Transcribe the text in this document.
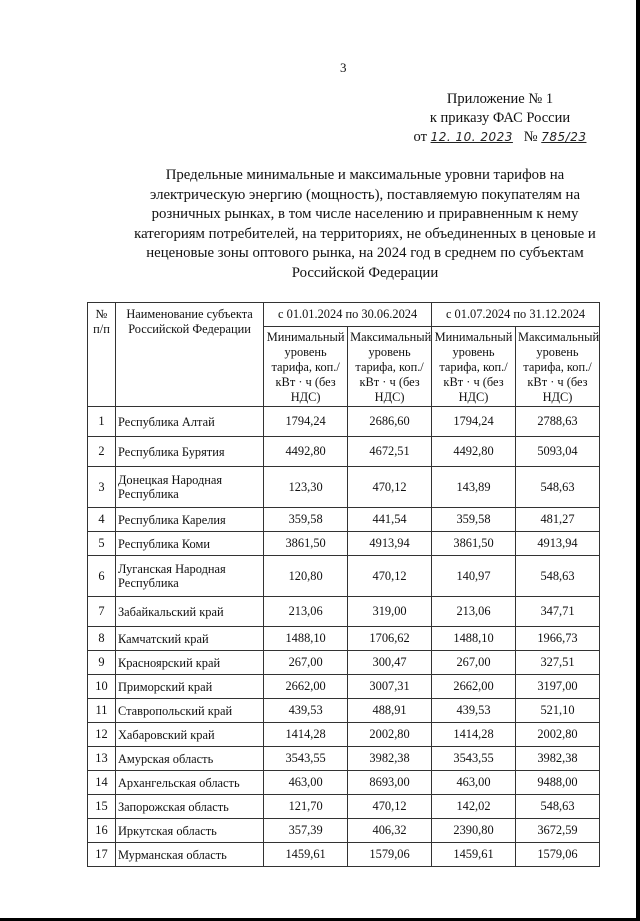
3
Приложение № 1
к приказу ФАС России
от 12. 10. 2023 № 785/23
Предельные минимальные и максимальные уровни тарифов на электрическую энергию (мощность), поставляемую покупателям на розничных рынках, в том числе населению и приравненным к нему категориям потребителей, на территориях, не объединенных в ценовые и неценовые зоны оптового рынка, на 2024 год в среднем по субъектам Российской Федерации
№ п/п	Наименование субъекта Российской Федерации	с 01.01.2024 по 30.06.2024		с 01.07.2024 по 31.12.2024	
		Минимальный уровень тарифа, коп./кВт · ч (без НДС)	Максимальный уровень тарифа, коп./кВт · ч (без НДС)	Минимальный уровень тарифа, коп./кВт · ч (без НДС)	Максимальный уровень тарифа, коп./кВт · ч (без НДС)
1	Республика Алтай	1794,24	2686,60	1794,24	2788,63
2	Республика Бурятия	4492,80	4672,51	4492,80	5093,04
3	Донецкая Народная Республика	123,30	470,12	143,89	548,63
4	Республика Карелия	359,58	441,54	359,58	481,27
5	Республика Коми	3861,50	4913,94	3861,50	4913,94
6	Луганская Народная Республика	120,80	470,12	140,97	548,63
7	Забайкальский край	213,06	319,00	213,06	347,71
8	Камчатский край	1488,10	1706,62	1488,10	1966,73
9	Красноярский край	267,00	300,47	267,00	327,51
10	Приморский край	2662,00	3007,31	2662,00	3197,00
11	Ставропольский край	439,53	488,91	439,53	521,10
12	Хабаровский край	1414,28	2002,80	1414,28	2002,80
13	Амурская область	3543,55	3982,38	3543,55	3982,38
14	Архангельская область	463,00	8693,00	463,00	9488,00
15	Запорожская область	121,70	470,12	142,02	548,63
16	Иркутская область	357,39	406,32	2390,80	3672,59
17	Мурманская область	1459,61	1579,06	1459,61	1579,06
